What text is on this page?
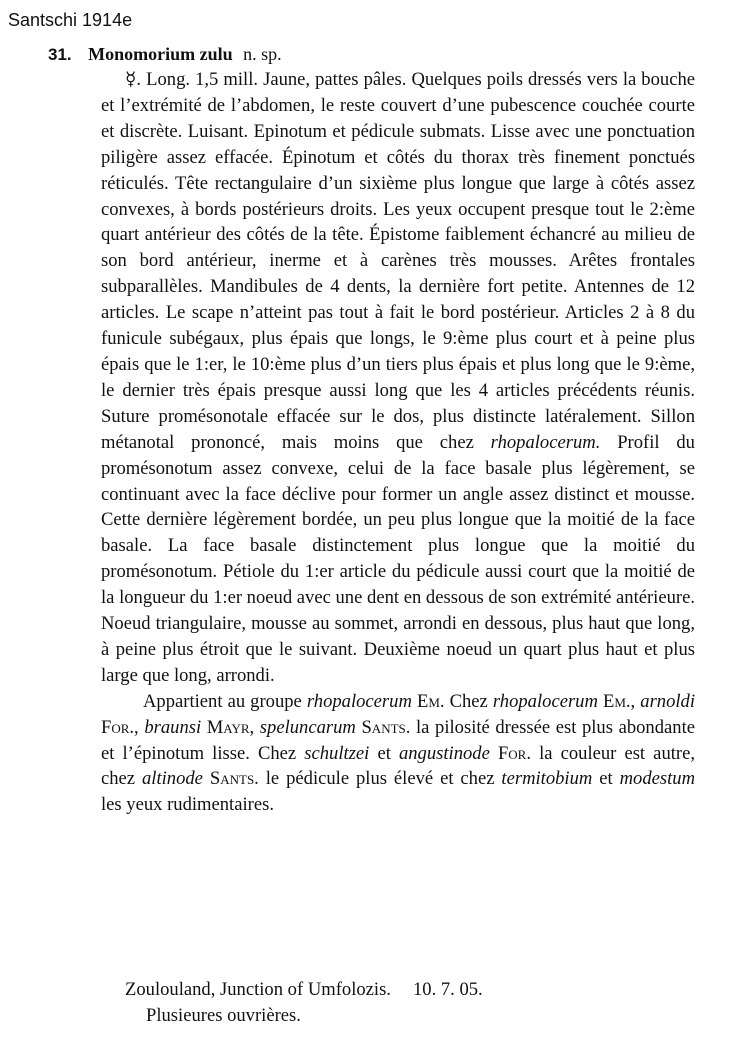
Santschi 1914e
31. Monomorium zulu n. sp.

☿. Long. 1,5 mill. Jaune, pattes pâles. Quelques poils dressés vers la bouche et l’extrémité de l’abdomen, le reste couvert d’une pubescence couchée courte et discrète. Luisant. Epinotum et pédicule submats. Lisse avec une ponctuation piligère assez effacée. Épinotum et côtés du thorax très finement ponctués réticulés. Tête rectangulaire d’un sixième plus longue que large à côtés assez convexes, à bords postérieurs droits. Les yeux occupent presque tout le 2:ème quart antérieur des côtés de la tête. Épistome faiblement échancré au milieu de son bord antérieur, inerme et à carènes très mousses. Arêtes frontales subparallèles. Mandibules de 4 dents, la dernière fort petite. Antennes de 12 articles. Le scape n’atteint pas tout à fait le bord postérieur. Articles 2 à 8 du funicule subégaux, plus épais que longs, le 9:ème plus court et à peine plus épais que le 1:er, le 10:ème plus d’un tiers plus épais et plus long que le 9:ème, le dernier très épais presque aussi long que les 4 articles précédents réunis. Suture promésonotale effacée sur le dos, plus distincte latéralement. Sillon métanotal prononcé, mais moins que chez rhopalocerum. Profil du promésonotum assez convexe, celui de la face basale plus légèrement, se continuant avec la face déclive pour former un angle assez distinct et mousse. Cette dernière légèrement bordée, un peu plus longue que la moitié de la face basale. La face basale distinctement plus longue que la moitié du promésonotum. Pétiole du 1:er article du pédicule aussi court que la moitié de la longueur du 1:er noeud avec une dent en dessous de son extrémité antérieure. Noeud triangulaire, mousse au sommet, arrondi en dessous, plus haut que long, à peine plus étroit que le suivant. Deuxième noeud un quart plus haut et plus large que long, arrondi.

Appartient au groupe rhopalocerum Em. Chez rhopalocerum Em., arnoldi For., braunsi Mayr, speluncarum Sants. la pilosité dressée est plus abondante et l’épinotum lisse. Chez schultzei et angustinode For. la couleur est autre, chez altinode Sants. le pédicule plus élevé et chez termitobium et modestum les yeux rudimentaires.

Zoulouland, Junction of Umfolozis. 10. 7. 05.
Plusieures ouvrières.
